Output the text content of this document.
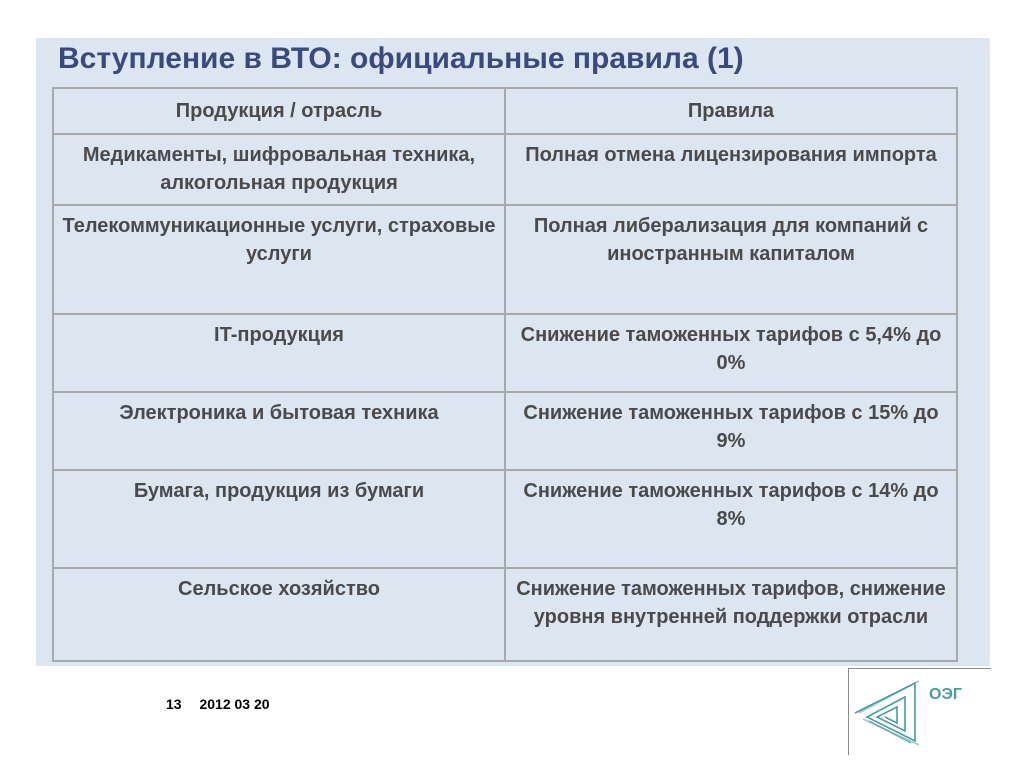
Вступление в ВТО: официальные правила (1)
Продукция / отрасль	Правила
Медикаменты, шифровальная техника, алкогольная продукция	Полная отмена лицензирования импорта
Телекоммуникационные услуги, страховые услуги	Полная либерализация для компаний с иностранным капиталом
IT-продукция	Снижение таможенных тарифов с 5,4% до 0%
Электроника и бытовая техника	Снижение таможенных тарифов с 15% до 9%
Бумага, продукция из бумаги	Снижение таможенных тарифов с 14% до 8%
Сельское хозяйство	Снижение таможенных тарифов, снижение уровня внутренней поддержки отрасли
13 2012 03 20
ОЭГ
